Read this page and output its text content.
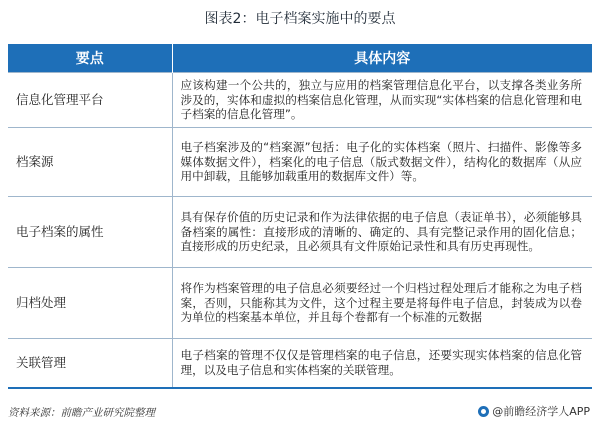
图表2：电子档案实施中的要点
要点	具体内容
信息化管理平台	应该构建一个公共的，独立与应用的档案管理信息化平台，以支撑各类业务所涉及的，实体和虚拟的档案信息化管理，从而实现“实体档案的信息化管理和电子档案的信息化管理”。
档案源	电子档案涉及的“档案源”包括：电子化的实体档案（照片、扫描件、影像等多媒体数据文件），档案化的电子信息（版式数据文件），结构化的数据库（从应用中卸载，且能够加载重用的数据库文件）等。
电子档案的属性	具有保存价值的历史记录和作为法律依据的电子信息（表证单书），必须能够具备档案的属性：直接形成的清晰的、确定的、具有完整记录作用的固化信息；直接形成的历史纪录，且必须具有文件原始记录性和具有历史再现性。
归档处理	将作为档案管理的电子信息必须要经过一个归档过程处理后才能称之为电子档案，否则，只能称其为文件，这个过程主要是将每件电子信息，封装成为以卷为单位的档案基本单位，并且每个卷都有一个标准的元数据
关联管理	电子档案的管理不仅仅是管理档案的电子信息，还要实现实体档案的信息化管理，以及电子信息和实体档案的关联管理。
资料来源：前瞻产业研究院整理	@前瞻经济学人APP
